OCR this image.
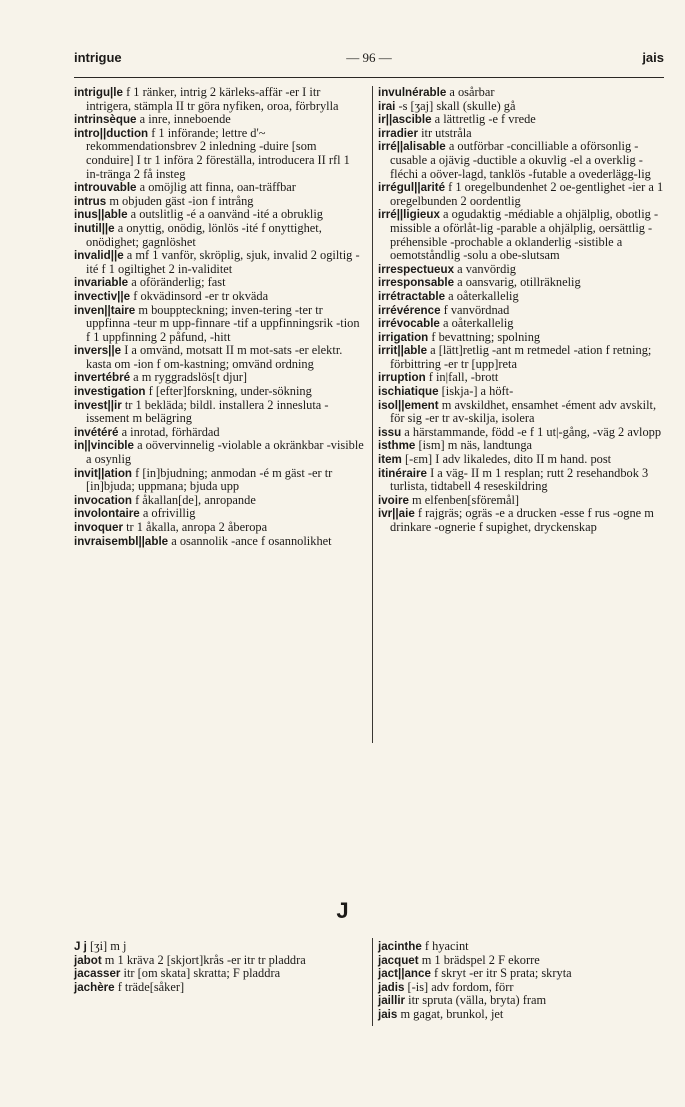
intrigue	— 96 —	jais

intrigu|le f 1 ränker, intrig 2 kärleks-affär -er I itr intrigera, stämpla II tr göra nyfiken, oroa, förbrylla

intrinsèque a inre, inneboende

intro||duction f 1 införande; lettre d'~ rekommendationsbrev 2 inledning -duire [som conduire] I tr 1 införa 2 föreställa, introducera II rfl 1 in-tränga 2 få insteg

introuvable a omöjlig att finna, oan-träffbar

intrus m objuden gäst -ion f intrång

inus||able a outslitlig -é a oanvänd -ité a obruklig

inutil||e a onyttig, onödig, lönlös -ité f onyttighet, onödighet; gagnlöshet

invalid||e a mf 1 vanför, skröplig, sjuk, invalid 2 ogiltig -ité f 1 ogiltighet 2 in-validitet

invariable a oföränderlig; fast

invectiv||e f okvädinsord -er tr okväda

inven||taire m bouppteckning; inven-tering -ter tr uppfinna -teur m upp-finnare -tif a uppfinningsrik -tion f 1 uppfinning 2 påfund, -hitt

invers||e I a omvänd, motsatt II m mot-sats -er elektr. kasta om -ion f om-kastning; omvänd ordning

invertébré a m ryggradslös[t djur]

investigation f [efter]forskning, under-sökning

invest||ir tr 1 bekläda; bildl. installera 2 innesluta -issement m belägring

invétéré a inrotad, förhärdad

in||vincible a oövervinnelig -violable a okränkbar -visible a osynlig

invit||ation f [in]bjudning; anmodan -é m gäst -er tr [in]bjuda; uppmana; bjuda upp

invocation f åkallan[de], anropande

involontaire a ofrivillig

invoquer tr 1 åkalla, anropa 2 åberopa

invraisembl||able a osannolik -ance f osannolikhet

invulnérable a osårbar

irai -s [ʒaj] skall (skulle) gå

ir||ascible a lättretlig -e f vrede

irradier itr utstråla

irré||alisable a outförbar -concilliable a oförsonlig -cusable a ojävig -ductible a okuvlig -el a overklig -fléchi a oöver-lagd, tanklös -futable a ovederlägg-lig

irrégul||arité f 1 oregelbundenhet 2 oe-gentlighet -ier a 1 oregelbunden 2 oordentlig

irré||ligieux a ogudaktig -médiable a ohjälplig, obotlig -missible a oförlåt-lig -parable a ohjälplig, oersättlig -préhensible -prochable a oklanderlig -sistible a oemotståndlig -solu a obe-slutsam

irrespectueux a vanvördig

irresponsable a oansvarig, otillräknelig

irrétractable a oåterkallelig

irrévérence f vanvördnad

irrévocable a oåterkallelig

irrigation f bevattning; spolning

irrit||able a [lätt]retlig -ant m retmedel -ation f retning; förbittring -er tr [upp]reta

irruption f in|fall, -brott

ischiatique [iskja-] a höft-

isol||ement m avskildhet, ensamhet -ément adv avskilt, för sig -er tr av-skilja, isolera

issu a härstammande, född -e f 1 ut|-gång, -väg 2 avlopp

isthme [ism] m näs, landtunga

item [-ɛm] I adv likaledes, dito II m hand. post

itinéraire I a väg- II m 1 resplan; rutt 2 resehandbok 3 turlista, tidtabell 4 reseskildring

ivoire m elfenben[sföremål]

ivr||aie f rajgräs; ogräs -e a drucken -esse f rus -ogne m drinkare -ognerie f supighet, dryckenskap

J

J j [ʒi] m j

jabot m 1 kräva 2 [skjort]krås -er itr tr pladdra

jacasser itr [om skata] skratta; F pladdra

jachère f träde[såker]

jacinthe f hyacint

jacquet m 1 brädspel 2 F ekorre

jact||ance f skryt -er itr S prata; skryta

jadis [-is] adv fordom, förr

jaillir itr spruta (välla, bryta) fram

jais m gagat, brunkol, jet
